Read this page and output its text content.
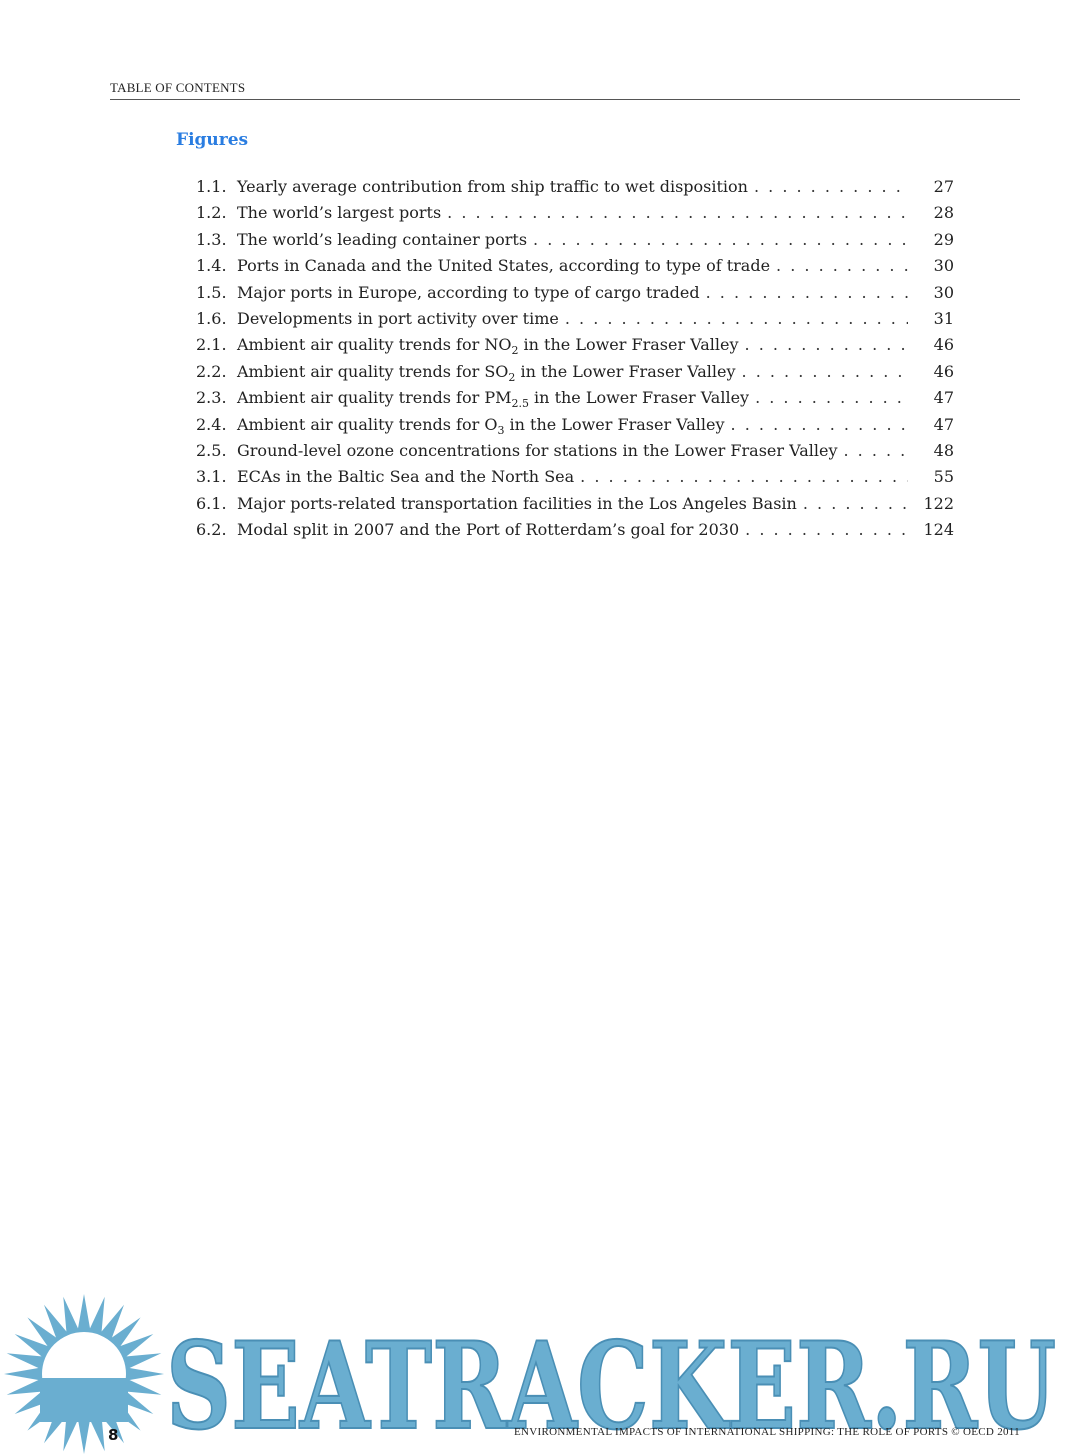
TABLE OF CONTENTS
Figures
1.1. Yearly average contribution from ship traffic to wet disposition . . .	27
1.2. The world’s largest ports . . .	28
1.3. The world’s leading container ports . . .	29
1.4. Ports in Canada and the United States, according to type of trade . . .	30
1.5. Major ports in Europe, according to type of cargo traded . . .	30
1.6. Developments in port activity over time . . .	31
2.1. Ambient air quality trends for $NO_2$ in the Lower Fraser Valley . . .	46
2.2. Ambient air quality trends for $SO_2$ in the Lower Fraser Valley . . .	46
2.3. Ambient air quality trends for $PM_{2.5}$ in the Lower Fraser Valley . . .	47
2.4. Ambient air quality trends for $O_3$ in the Lower Fraser Valley . . .	47
2.5. Ground-level ozone concentrations for stations in the Lower Fraser Valley . . .	48
3.1. ECAs in the Baltic Sea and the North Sea . . .	55
6.1. Major ports-related transportation facilities in the Los Angeles Basin . . .	122
6.2. Modal split in 2007 and the Port of Rotterdam’s goal for 2030 . . .	124
SEATRACKER.RU
8	ENVIRONMENTAL IMPACTS OF INTERNATIONAL SHIPPING: THE ROLE OF PORTS © OECD 2011
